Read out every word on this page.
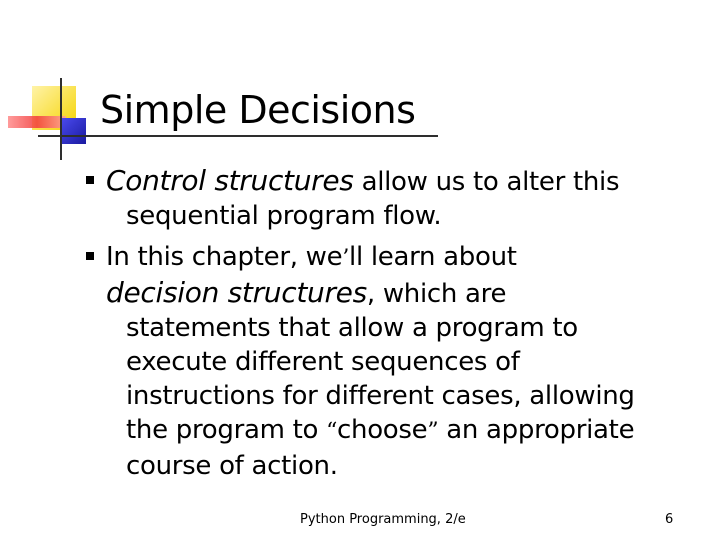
Simple Decisions
Control structures allow us to alter this
sequential program flow.
In this chapter, we’ll learn about
decision structures, which are
statements that allow a program to
execute different sequences of
instructions for different cases, allowing
the program to “choose” an appropriate
course of action.
Python Programming, 2/e	6
